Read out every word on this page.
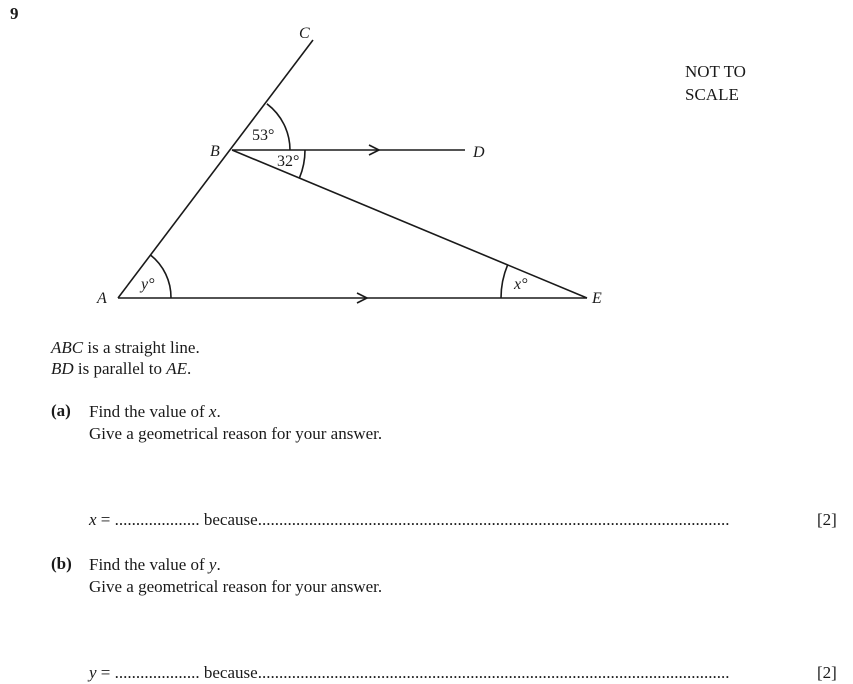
9
NOT TO
SCALE
C
B	D
A	E
53°
32°
x°
y°
ABC is a straight line.
BD is parallel to AE.
(a) Find the value of x.
Give a geometrical reason for your answer.
x = .................... because...............................................................................................................	[2]
(b) Find the value of y.
Give a geometrical reason for your answer.
y = .................... because...............................................................................................................	[2]
